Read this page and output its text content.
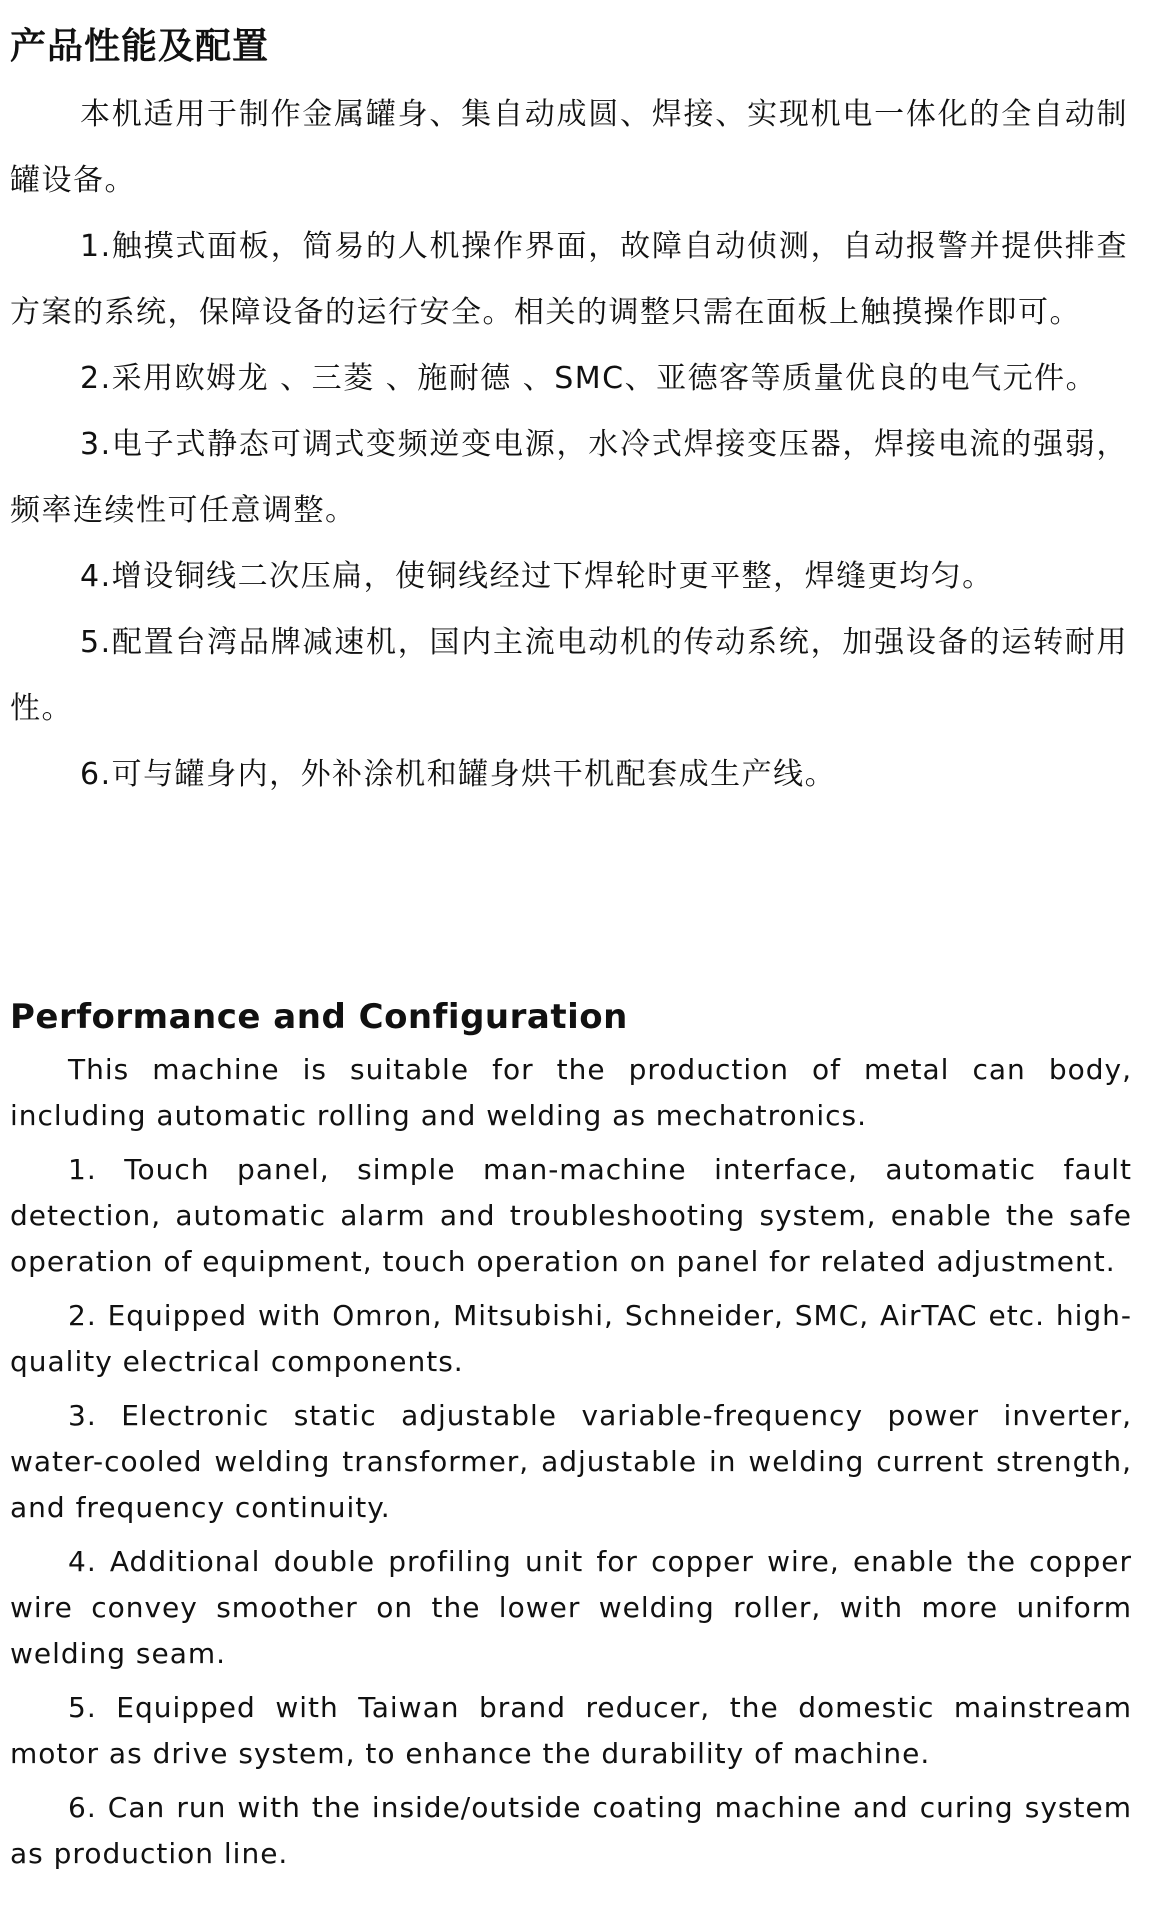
产品性能及配置

本机适用于制作金属罐身、集自动成圆、焊接、实现机电一体化的全自动制罐设备。

1.触摸式面板，简易的人机操作界面，故障自动侦测，自动报警并提供排查方案的系统，保障设备的运行安全。相关的调整只需在面板上触摸操作即可。

2.采用欧姆龙 、三菱 、施耐德 、SMC、亚德客等质量优良的电气元件。

3.电子式静态可调式变频逆变电源，水冷式焊接变压器，焊接电流的强弱，频率连续性可任意调整。

4.增设铜线二次压扁，使铜线经过下焊轮时更平整，焊缝更均匀。

5.配置台湾品牌减速机，国内主流电动机的传动系统，加强设备的运转耐用性。

6.可与罐身内，外补涂机和罐身烘干机配套成生产线。

Performance and Configuration

This machine is suitable for the production of metal can body, including automatic rolling and welding as mechatronics.

1. Touch panel, simple man-machine interface, automatic fault detection, automatic alarm and troubleshooting system, enable the safe operation of equipment, touch operation on panel for related adjustment.

2. Equipped with Omron, Mitsubishi, Schneider, SMC, AirTAC etc. high-quality electrical components.

3. Electronic static adjustable variable-frequency power inverter, water-cooled welding transformer, adjustable in welding current strength, and frequency continuity.

4. Additional double profiling unit for copper wire, enable the copper wire convey smoother on the lower welding roller, with more uniform welding seam.

5. Equipped with Taiwan brand reducer, the domestic mainstream motor as drive system, to enhance the durability of machine.

6. Can run with the inside/outside coating machine and curing system as production line.
